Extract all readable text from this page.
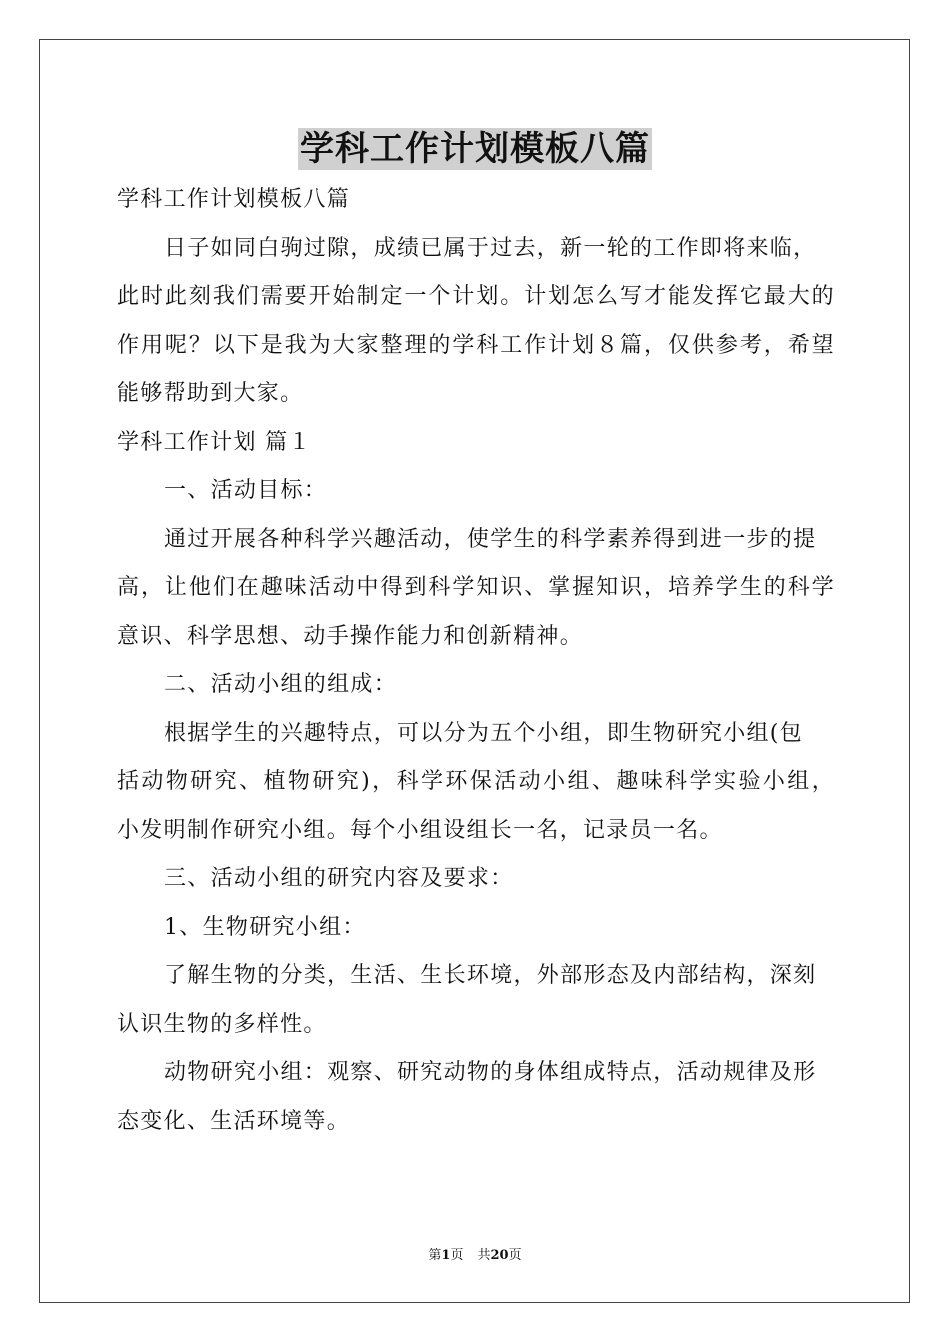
学科工作计划模板八篇
学科工作计划模板八篇
日子如同白驹过隙，成绩已属于过去，新一轮的工作即将来临，
此时此刻我们需要开始制定一个计划。计划怎么写才能发挥它最大的
作用呢？以下是我为大家整理的学科工作计划８篇，仅供参考，希望
能够帮助到大家。
学科工作计划 篇１
一、活动目标：
通过开展各种科学兴趣活动，使学生的科学素养得到进一步的提
高，让他们在趣味活动中得到科学知识、掌握知识，培养学生的科学
意识、科学思想、动手操作能力和创新精神。
二、活动小组的组成：
根据学生的兴趣特点，可以分为五个小组，即生物研究小组(包
括动物研究、植物研究)，科学环保活动小组、趣味科学实验小组，
小发明制作研究小组。每个小组设组长一名，记录员一名。
三、活动小组的研究内容及要求：
1、生物研究小组：
了解生物的分类，生活、生长环境，外部形态及内部结构，深刻
认识生物的多样性。
动物研究小组：观察、研究动物的身体组成特点，活动规律及形
态变化、生活环境等。
第1页 共20页
